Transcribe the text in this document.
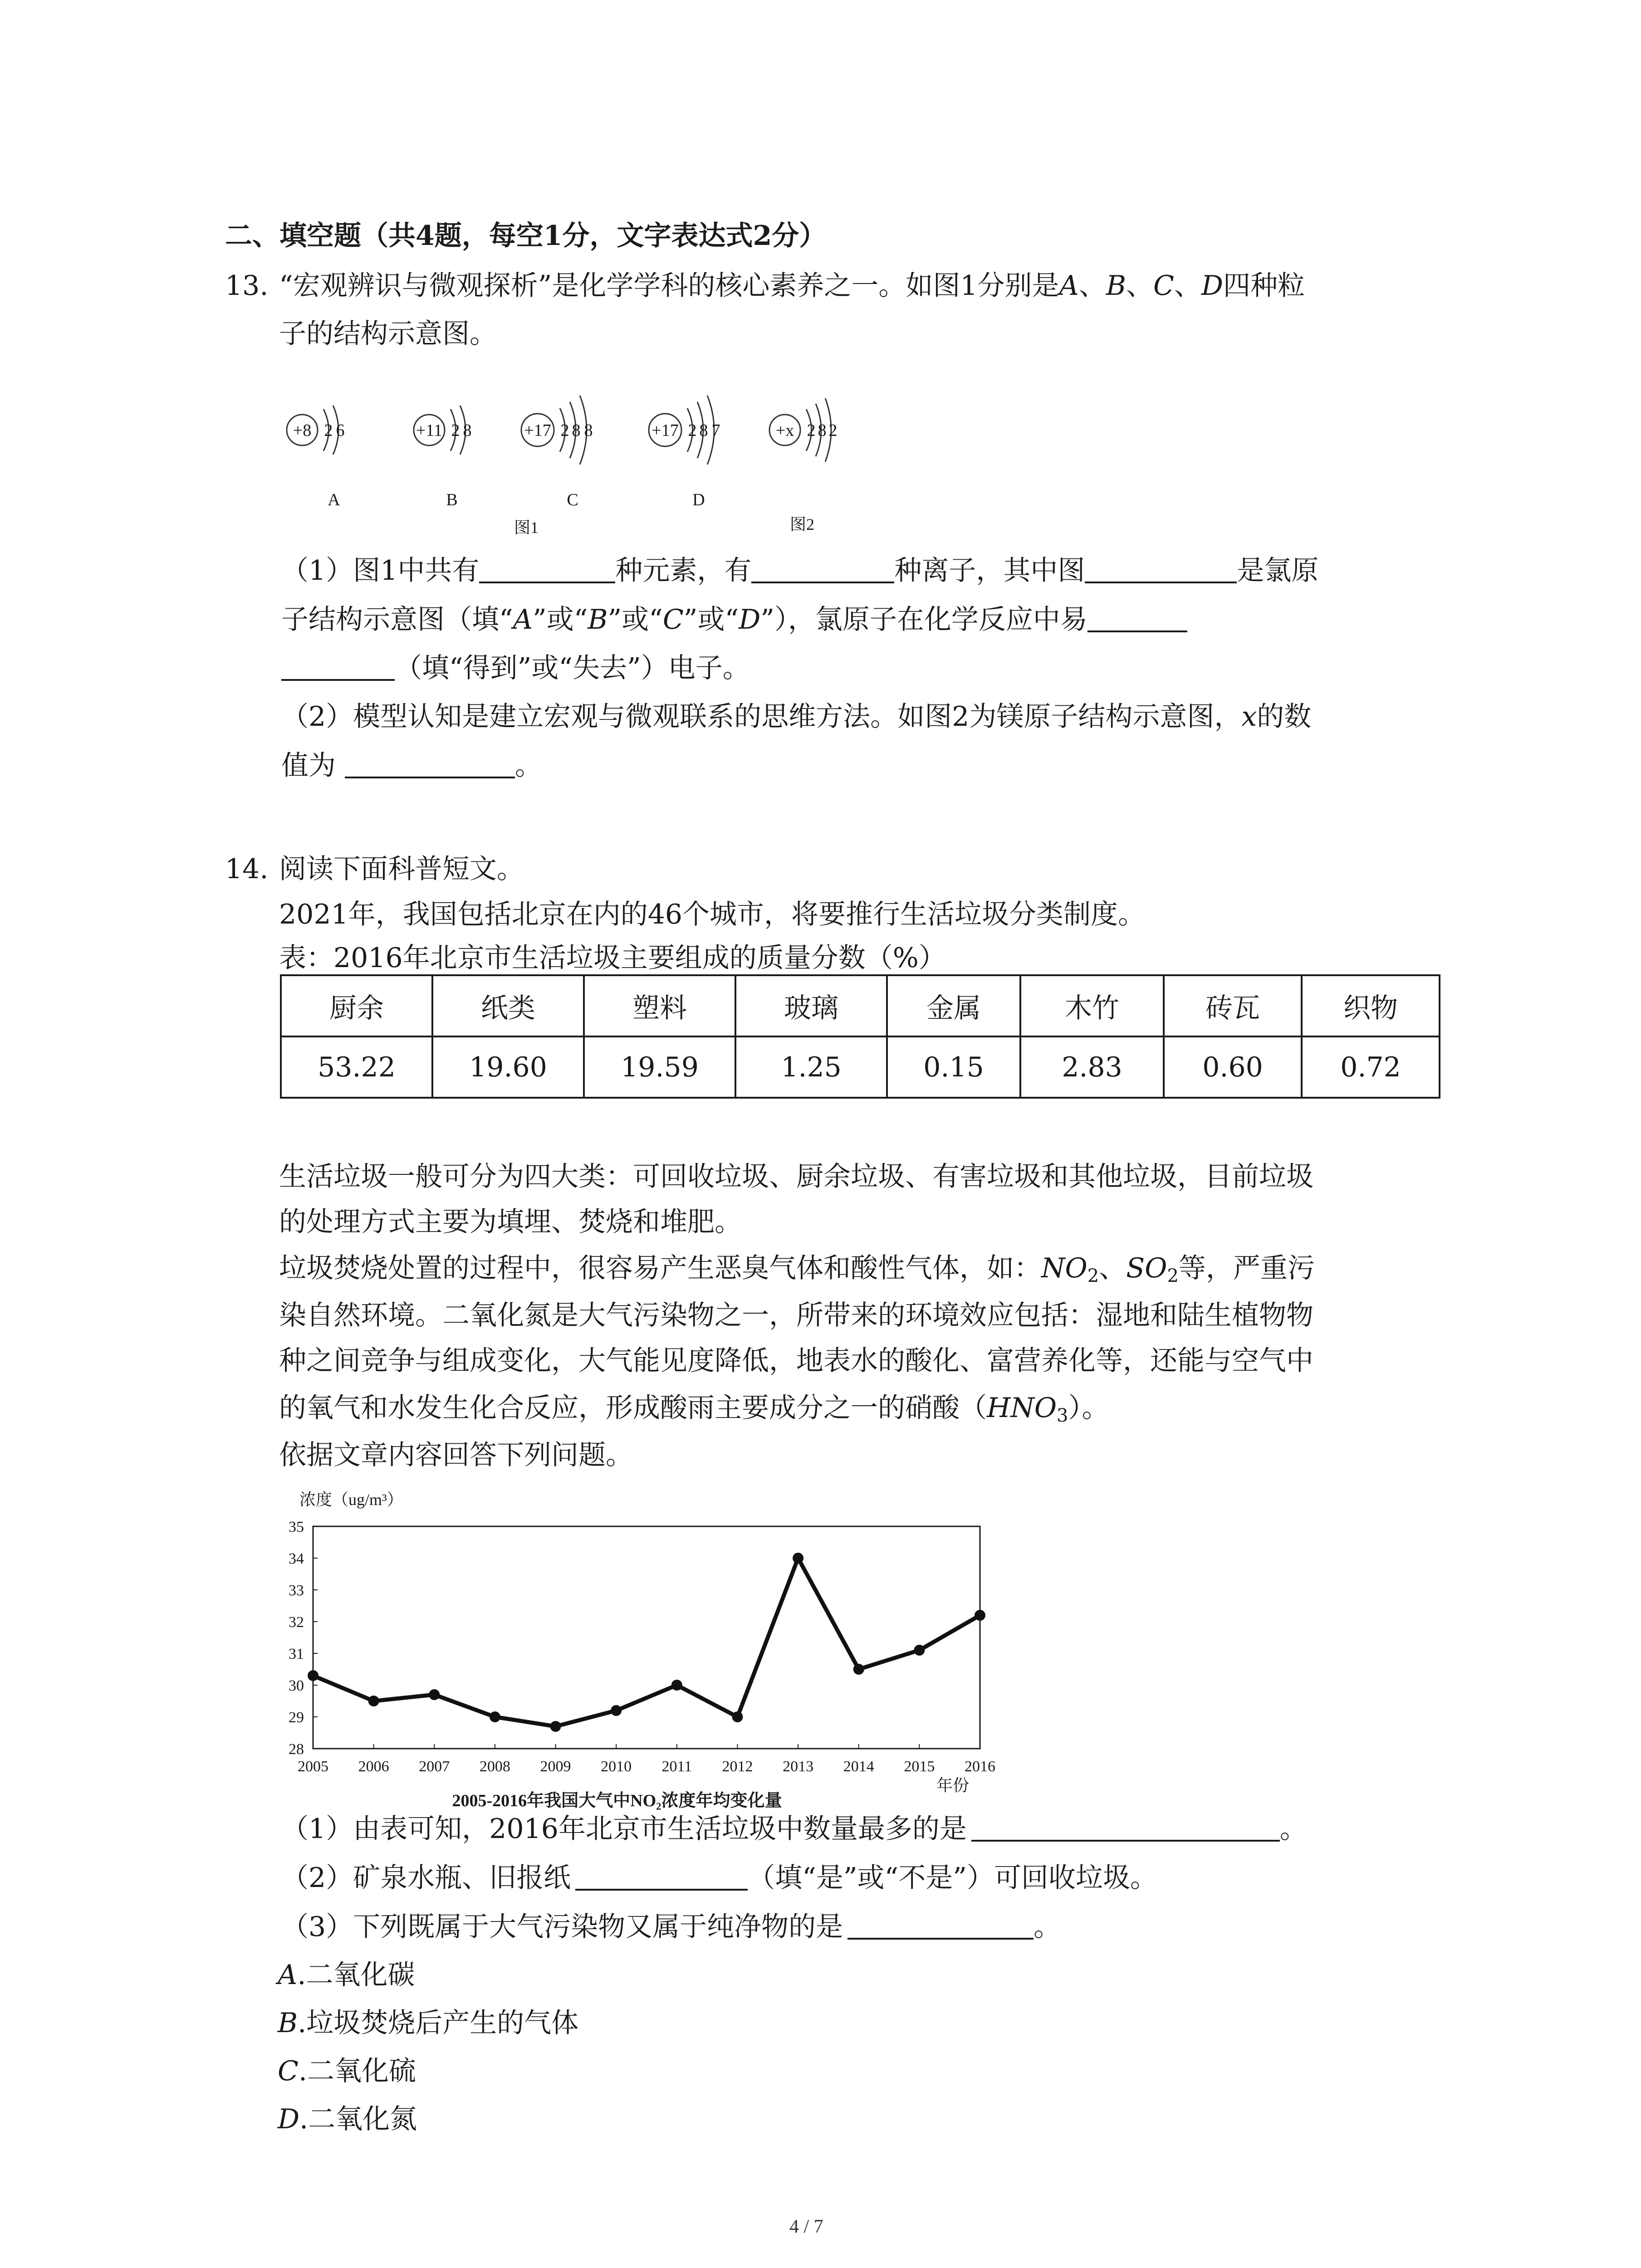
二、填空题（共4题，每空1分，文字表达式2分）
13. “宏观辨识与微观探析”是化学学科的核心素养之一。如图1分别是A、B、C、D四种粒
子的结构示意图。
+8 2 6	+11 2 8	+17 2 8 8	+17 2 8 7	+x 2 8 2
A	B	C	D
图1	图2
（1）图1中共有	种元素，有	种离子，其中图	是氯原
子结构示意图（填“A”或“B”或“C”或“D”），氯原子在化学反应中易
（填“得到”或“失去”）电子。
（2）模型认知是建立宏观与微观联系的思维方法。如图2为镁原子结构示意图，x的数
值为	。
14. 阅读下面科普短文。
2021年，我国包括北京在内的46个城市，将要推行生活垃圾分类制度。
表：2016年北京市生活垃圾主要组成的质量分数（%）
厨余	纸类	塑料	玻璃	金属	木竹	砖瓦	织物
53.22	19.60	19.59	1.25	0.15	2.83	0.60	0.72
生活垃圾一般可分为四大类：可回收垃圾、厨余垃圾、有害垃圾和其他垃圾，目前垃圾
的处理方式主要为填埋、焚烧和堆肥。
垃圾焚烧处置的过程中，很容易产生恶臭气体和酸性气体，如：$NO_2$、$SO_2$等，严重污
染自然环境。二氧化氮是大气污染物之一，所带来的环境效应包括：湿地和陆生植物物
种之间竞争与组成变化，大气能见度降低，地表水的酸化、富营养化等，还能与空气中
的氧气和水发生化合反应，形成酸雨主要成分之一的硝酸$(HNO_3)$。
依据文章内容回答下列问题。
浓度（ug/m³）
28
29
30
31
32
33
34
35
2005 2006 2007 2008 2009 2010 2011 2012 2013 2014 2015 2016
年份
2005-2016年我国大气中NO₂浓度年均变化量
（1）由表可知，2016年北京市生活垃圾中数量最多的是	。
（2）矿泉水瓶、旧报纸	（填“是”或“不是”）可回收垃圾。
（3）下列既属于大气污染物又属于纯净物的是	。
A.二氧化碳
B.垃圾焚烧后产生的气体
C.二氧化硫
D.二氧化氮
4 / 7
